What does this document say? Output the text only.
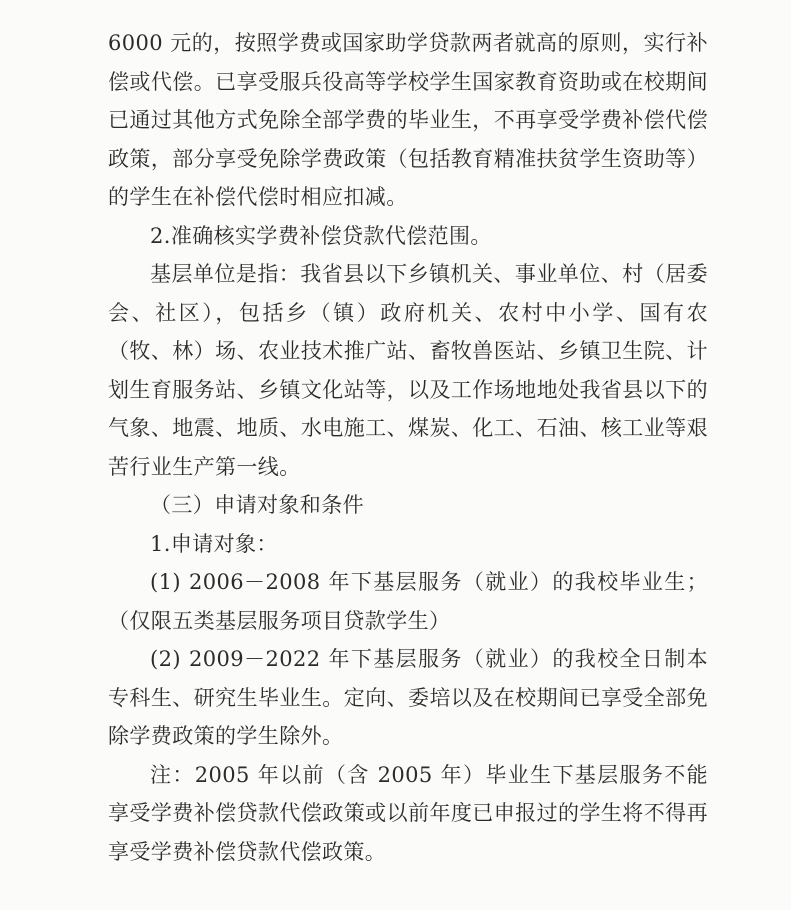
6000 元的，按照学费或国家助学贷款两者就高的原则，实行补偿或代偿。已享受服兵役高等学校学生国家教育资助或在校期间已通过其他方式免除全部学费的毕业生，不再享受学费补偿代偿政策，部分享受免除学费政策（包括教育精准扶贫学生资助等）的学生在补偿代偿时相应扣减。

2.准确核实学费补偿贷款代偿范围。

基层单位是指：我省县以下乡镇机关、事业单位、村（居委会、社区），包括乡（镇）政府机关、农村中小学、国有农（牧、林）场、农业技术推广站、畜牧兽医站、乡镇卫生院、计划生育服务站、乡镇文化站等，以及工作场地地处我省县以下的气象、地震、地质、水电施工、煤炭、化工、石油、核工业等艰苦行业生产第一线。

（三）申请对象和条件

1.申请对象：

(1) 2006－2008 年下基层服务（就业）的我校毕业生；（仅限五类基层服务项目贷款学生）

(2) 2009－2022 年下基层服务（就业）的我校全日制本专科生、研究生毕业生。定向、委培以及在校期间已享受全部免除学费政策的学生除外。

注：2005 年以前（含 2005 年）毕业生下基层服务不能享受学费补偿贷款代偿政策或以前年度已申报过的学生将不得再享受学费补偿贷款代偿政策。
